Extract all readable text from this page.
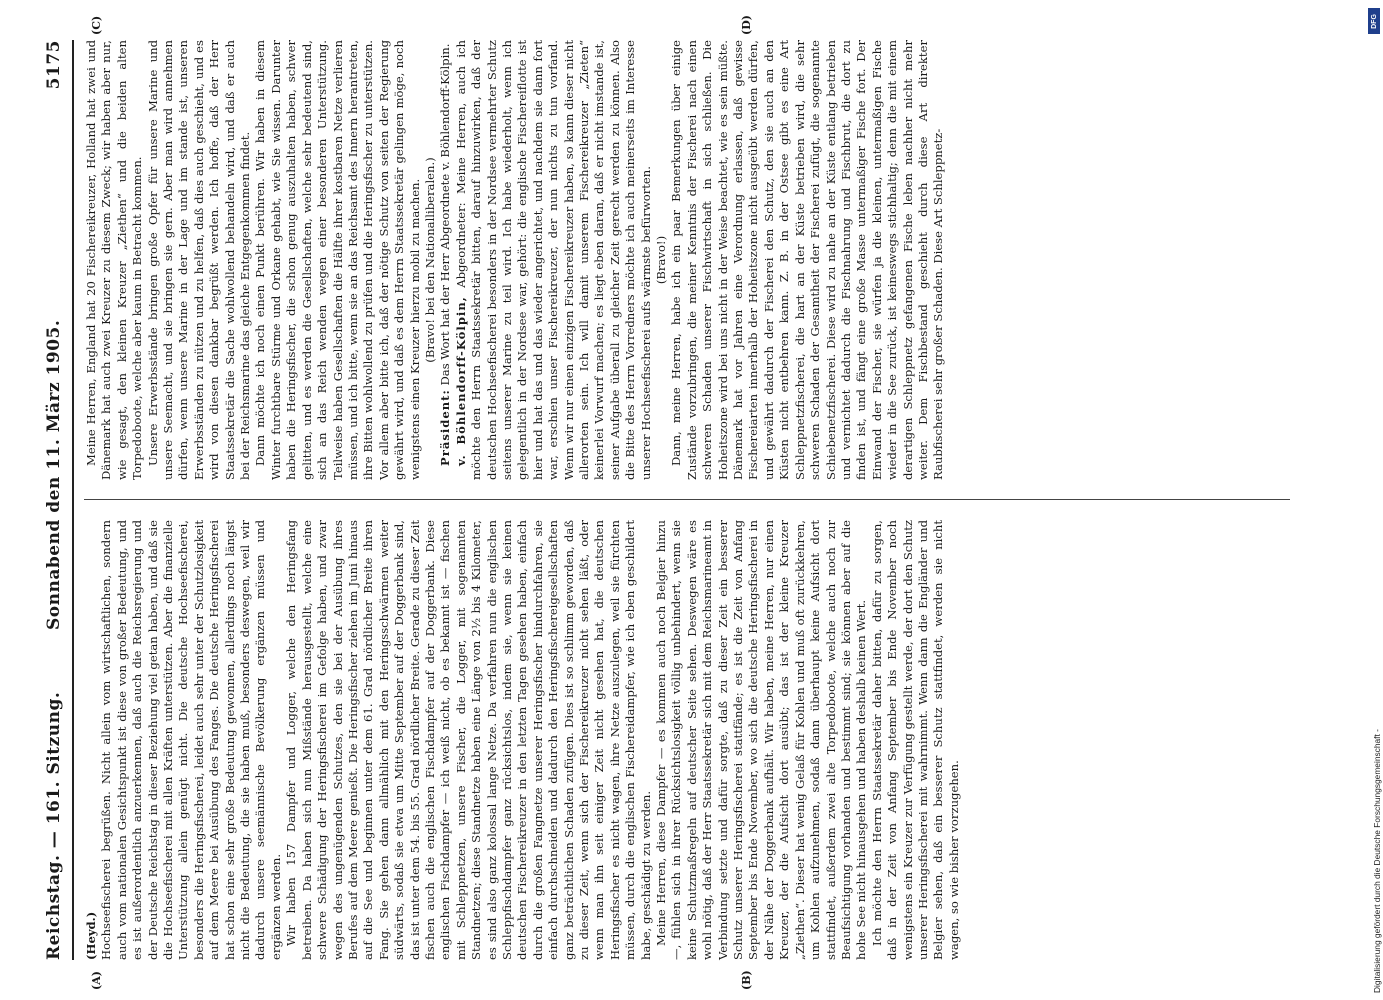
Reichstag. — 161. Sitzung.
Sonnabend den 11. März 1905.
5175

(Heyd.) Hochseefischerei begrüßen. Nicht allein vom wirtschaftlichen, sondern auch vom nationalen Gesichtspunkt ist diese von großer Bedeutung, und es ist außerordentlich anzuerkennen, daß auch die Reichsregierung und der Deutsche Reichstag in dieser Beziehung viel getan haben, und daß sie die Hochseefischerei mit allen Kräften unterstützen. Aber die finanzielle Unterstützung allein genügt nicht. Die deutsche Hochseefischerei, besonders die Heringsfischerei, leidet auch sehr unter der Schutzlosigkeit auf dem Meere bei Ausübung des Fanges. Die deutsche Heringsfischerei hat schon eine sehr große Bedeutung gewonnen, allerdings noch längst nicht die Bedeutung, die sie haben muß, besonders deswegen, weil wir dadurch unsere seemännische Bevölkerung ergänzen müssen und ergänzen werden. Wir haben 157 Dampfer und Logger, welche den Heringsfang betreiben. Da haben sich nun Mißstände herausgestellt, welche eine schwere Schädigung der Heringsfischerei im Gefolge haben, und zwar wegen des ungenügenden Schutzes, den sie bei der Ausübung ihres Berufes auf dem Meere genießt. Die Heringsfischer ziehen im Juni hinaus auf die See und beginnen unter dem 61. Grad nördlicher Breite ihren Fang. Sie gehen dann allmählich mit den Heringsschwärmen weiter südwärts, sodaß sie etwa um Mitte September auf der Doggerbank sind, das ist unter dem 54. bis 55. Grad nördlicher Breite. Gerade zu dieser Zeit fischen auch die englischen Fischdampfer auf der Doggerbank. Diese englischen Fischdampfer — ich weiß nicht, ob es bekannt ist — fischen mit Schleppnetzen, unsere Fischer, die Logger, mit sogenannten Standnetzen; diese Standnetze haben eine Länge von 2½ bis 4 Kilometer, es sind also ganz kolossal lange Netze. Da verfahren nun die englischen Schleppfischdampfer ganz rücksichtslos, indem sie, wenn sie keinen deutschen Fischereikreuzer in den letzten Tagen gesehen haben, einfach durch die großen Fangnetze unserer Heringsfischer hindurchfahren, sie einfach durchschneiden und dadurch den Heringsfischereigesellschaften ganz beträchtlichen Schaden zufügen. Dies ist so schlimm geworden, daß zu dieser Zeit, wenn sich der Fischereikreuzer nicht sehen läßt, oder wenn man ihn seit einiger Zeit nicht gesehen hat, die deutschen Heringsfischer es nicht wagen, ihre Netze auszulegen, weil sie fürchten müssen, durch die englischen Fischereidampfer, wie ich eben geschildert habe, geschädigt zu werden. Meine Herren, diese Dampfer — es kommen auch noch Belgier hinzu —, fühlen sich in ihrer Rücksichtslosigkeit völlig unbehindert, wenn sie keine Schutzmaßregeln auf deutscher Seite sehen. Deswegen wäre es wohl nötig, daß der Herr Staatssekretär sich mit dem Reichsmarineamt in Verbindung setzte und dafür sorgte, daß zu dieser Zeit ein besserer Schutz unserer Heringsfischerei stattfände; es ist die Zeit von Anfang September bis Ende November, wo sich die deutsche Heringsfischerei in der Nähe der Doggerbank aufhält. Wir haben, meine Herren, nur einen Kreuzer, der die Aufsicht dort ausübt; das ist der kleine Kreuzer „Ziethen“. Dieser hat wenig Gelaß für Kohlen und muß oft zurückkehren, um Kohlen aufzunehmen, sodaß dann überhaupt keine Aufsicht dort stattfindet, außerdem zwei alte Torpedoboote, welche auch noch zur Beaufsichtigung vorhanden und bestimmt sind; sie können aber auf die hohe See nicht hinausgehen und haben deshalb keinen Wert. Ich möchte den Herrn Staatssekretär daher bitten, dafür zu sorgen, daß in der Zeit von Anfang September bis Ende November noch wenigstens ein Kreuzer zur Verfügung gestellt werde, der dort den Schutz unserer Heringsfischerei mit wahrnimmt. Wenn dann die Engländer und Belgier sehen, daß ein besserer Schutz stattfindet, werden sie nicht wagen, so wie bisher vorzugehen.

Meine Herren, England hat 20 Fischereikreuzer, Holland hat zwei und Dänemark hat auch zwei Kreuzer zu diesem Zweck; wir haben aber nur, wie gesagt, den kleinen Kreuzer „Ziethen“ und die beiden alten Torpedoboote, welche aber kaum in Betracht kommen. Unsere Erwerbsstände bringen große Opfer für unsere Marine und unsere Seemacht, und sie bringen sie gern. Aber man wird annehmen dürfen, wenn unsere Marine in der Lage und im stande ist, unseren Erwerbsständen zu nützen und zu helfen, daß dies auch geschieht, und es wird von diesen dankbar begrüßt werden. Ich hoffe, daß der Herr Staatssekretär die Sache wohlwollend behandeln wird, und daß er auch bei der Reichsmarine das gleiche Entgegenkommen findet. Dann möchte ich noch einen Punkt berühren. Wir haben in diesem Winter furchtbare Stürme und Orkane gehabt, wie Sie wissen. Darunter haben die Heringsfischer, die schon genug auszuhalten haben, schwer gelitten, und es werden die Gesellschaften, welche sehr bedeutend sind, sich an das Reich wenden wegen einer besonderen Unterstützung. Teilweise haben Gesellschaften die Hälfte ihrer kostbaren Netze verlieren müssen, und ich bitte, wenn sie an das Reichsamt des Innern herantreten, ihre Bitten wohlwollend zu prüfen und die Heringsfischer zu unterstützen. Vor allem aber bitte ich, daß der nötige Schutz von seiten der Regierung gewährt wird, und daß es dem Herrn Staatssekretär gelingen möge, noch wenigstens einen Kreuzer hierzu mobil zu machen. (Bravo! bei den Nationalliberalen.)

Präsident: Das Wort hat der Herr Abgeordnete v. Böhlendorff-Kölpin. v. Böhlendorff-Kölpin, Abgeordneter: Meine Herren, auch ich möchte den Herrn Staatssekretär bitten, darauf hinzuwirken, daß der deutschen Hochseefischerei besonders in der Nordsee vermehrter Schutz seitens unserer Marine zu teil wird. Ich habe wiederholt, wenn ich gelegentlich in der Nordsee war, gehört: die englische Fischereiflotte ist hier und hat das und das wieder angerichtet, und nachdem sie dann fort war, erschien unser Fischereikreuzer, der nun nichts zu tun vorfand. Wenn wir nur einen einzigen Fischereikreuzer haben, so kann dieser nicht allerorten sein. Ich will damit unserem Fischereikreuzer „Zieten“ keinerlei Vorwurf machen; es liegt eben daran, daß er nicht imstande ist, seiner Aufgabe überall zu gleicher Zeit gerecht werden zu können. Also die Bitte des Herrn Vorredners möchte ich auch meinerseits im Interesse unserer Hochseefischerei aufs wärmste befürworten. (Bravo!) Dann, meine Herren, habe ich ein paar Bemerkungen über einige Zustände vorzubringen, die meiner Kenntnis der Fischerei nach einen schweren Schaden unserer Fischwirtschaft in sich schließen. Die Hoheitszone wird bei uns nicht in der Weise beachtet, wie es sein müßte. Dänemark hat vor Jahren eine Verordnung erlassen, daß gewisse Fischereiarten innerhalb der Hoheitszone nicht ausgeübt werden dürfen, und gewährt dadurch der Fischerei den Schutz, den sie auch an den Küsten nicht entbehren kann. Z. B. in der Ostsee gibt es eine Art Schleppnetzfischerei, die hart an der Küste betrieben wird, die sehr schweren Schaden der Gesamtheit der Fischerei zufügt, die sogenannte Schiebenetzfischerei. Diese wird zu nahe an der Küste entlang betrieben und vernichtet dadurch die Fischnahrung und Fischbrut, die dort zu finden ist, und fängt eine große Masse untermaßiger Fische fort. Der Einwand der Fischer, sie würfen ja die kleinen, untermaßigen Fische wieder in die See zurück, ist keineswegs stichhaltig; denn die mit einem derartigen Schleppnetz gefangenen Fische leben nachher nicht mehr weiter. Dem Fischbestand geschieht durch diese Art direkter Raubfischerei sehr großer Schaden. Diese Art Schleppnetz-

(A)	(B)
(C)	(D)
Digitalisierung gefördert durch die Deutsche Forschungsgemeinschaft -
DFG
